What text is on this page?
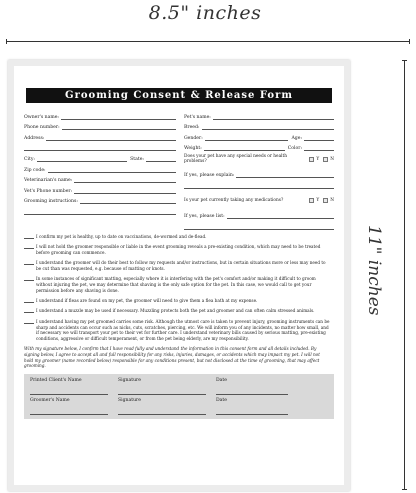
8.5" inches
11" inches
Grooming Consent & Release Form
Owner's name:
Phone number:
Address:
City:	State:
Zip code:
Veterinarian's name:
Vet's Phone number:
Grooming instructions:
Pet's name:
Breed:
Gender:	Age:
Weight:	Color:
Does your pet have any special needs or health problems?	Y	N
If yes, please explain:
Is your pet currently taking any medications?	Y	N
If yes, please list:
I confirm my pet is healthy, up to date on vaccinations, de-wormed and de-flead.
I will not hold the groomer responsible or liable in the event grooming reveals a pre-existing condition, which may need to be treated before grooming can commence.
I understand the groomer will do their best to follow my requests and/or instructions, but in certain situations more or less may need to be cut than was requested, e.g. because of matting or knots.
In some instances of significant matting, especially where it is interfering with the pet's comfort and/or making it difficult to groom without injuring the pet, we may determine that shaving is the only safe option for the pet. In this case, we would call to get your permission before any shaving is done.
I understand if fleas are found on my pet, the groomer will need to give them a flea bath at my expense.
I understand a muzzle may be used if necessary. Muzzling protects both the pet and groomer and can often calm stressed animals.
I understand having my pet groomed carries some risk. Although the utmost care is taken to prevent injury, grooming instruments can be sharp and accidents can occur such as nicks, cuts, scratches, piercing, etc. We will inform you of any incidents, no matter how small, and if necessary we will transport your pet to their vet for further care. I understand veterinary bills caused by serious matting, pre-existing conditions, aggressive or difficult temperament, or from the pet being elderly, are my responsibility.
With my signature below, I confirm that I have read fully and understand the information in this consent form and all details included. By signing below, I agree to accept all and full responsibility for any risks, injuries, damages, or accidents which may impact my pet. I will not hold my groomer (name recorded below) responsible for any conditions present, but not disclosed at the time of grooming, that may affect grooming.
Printed Client's Name	Signature	Date
Groomer's Name	Signature	Date
